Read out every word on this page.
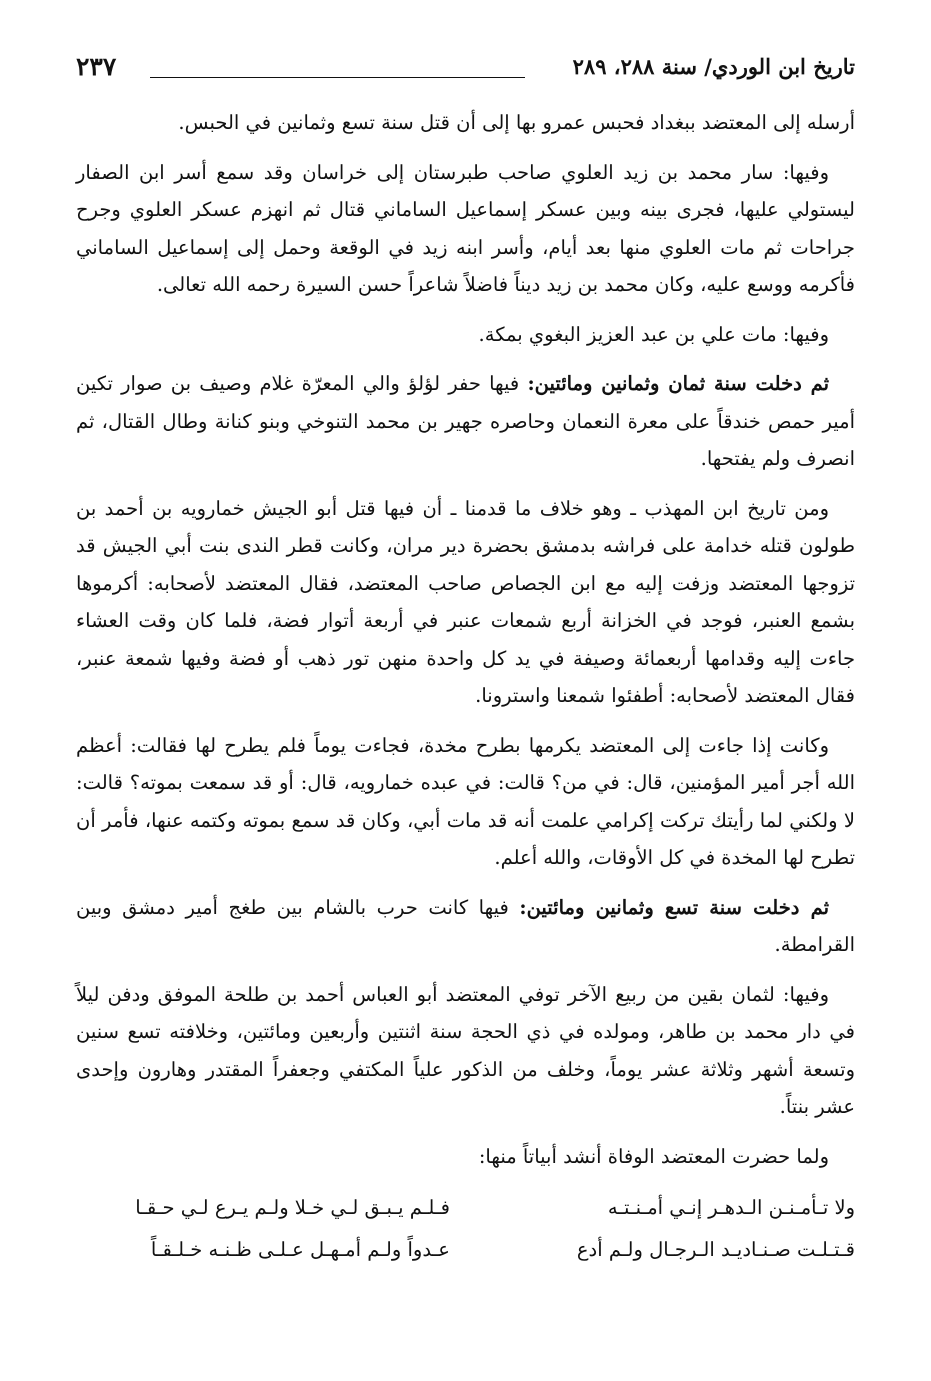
تاريخ ابن الوردي/ سنة ٢٨٨، ٢٨٩
٢٣٧

أرسله إلى المعتضد ببغداد فحبس عمرو بها إلى أن قتل سنة تسع وثمانين في الحبس.

وفيها: سار محمد بن زيد العلوي صاحب طبرستان إلى خراسان وقد سمع أسر ابن الصفار ليستولي عليها، فجرى بينه وبين عسكر إسماعيل الساماني قتال ثم انهزم عسكر العلوي وجرح جراحات ثم مات العلوي منها بعد أيام، وأسر ابنه زيد في الوقعة وحمل إلى إسماعيل الساماني فأكرمه ووسع عليه، وكان محمد بن زيد ديناً فاضلاً شاعراً حسن السيرة رحمه الله تعالى.

وفيها: مات علي بن عبد العزيز البغوي بمكة.

ثم دخلت سنة ثمان وثمانين ومائتين: فيها حفر لؤلؤ والي المعرّة غلام وصيف بن صوار تكين أمير حمص خندقاً على معرة النعمان وحاصره جهير بن محمد التنوخي وبنو كنانة وطال القتال، ثم انصرف ولم يفتحها.

ومن تاريخ ابن المهذب ـ وهو خلاف ما قدمنا ـ أن فيها قتل أبو الجيش خمارويه بن أحمد بن طولون قتله خدامة على فراشه بدمشق بحضرة دير مران، وكانت قطر الندى بنت أبي الجيش قد تزوجها المعتضد وزفت إليه مع ابن الجصاص صاحب المعتضد، فقال المعتضد لأصحابه: أكرموها بشمع العنبر، فوجد في الخزانة أربع شمعات عنبر في أربعة أتوار فضة، فلما كان وقت العشاء جاءت إليه وقدامها أربعمائة وصيفة في يد كل واحدة منهن تور ذهب أو فضة وفيها شمعة عنبر، فقال المعتضد لأصحابه: أطفئوا شمعنا واسترونا.

وكانت إذا جاءت إلى المعتضد يكرمها بطرح مخدة، فجاءت يوماً فلم يطرح لها فقالت: أعظم الله أجر أمير المؤمنين، قال: في من؟ قالت: في عبده خمارويه، قال: أو قد سمعت بموته؟ قالت: لا ولكني لما رأيتك تركت إكرامي علمت أنه قد مات أبي، وكان قد سمع بموته وكتمه عنها، فأمر أن تطرح لها المخدة في كل الأوقات، والله أعلم.

ثم دخلت سنة تسع وثمانين ومائتين: فيها كانت حرب بالشام بين طغج أمير دمشق وبين القرامطة.

وفيها: لثمان بقين من ربيع الآخر توفي المعتضد أبو العباس أحمد بن طلحة الموفق ودفن ليلاً في دار محمد بن طاهر، ومولده في ذي الحجة سنة اثنتين وأربعين ومائتين، وخلافته تسع سنين وتسعة أشهر وثلاثة عشر يوماً، وخلف من الذكور علياً المكتفي وجعفراً المقتدر وهارون وإحدى عشر بنتاً.

ولما حضرت المعتضد الوفاة أنشد أبياتاً منها:

ولا تـأمـنـن الـدهـر إنـي أمـنـتـه
فـلـم يـبـق لـي خـلا ولـم يـرع لـي حـقـا
قـتـلـت صـنـاديـد الـرجـال ولـم أدع
عـدواً ولـم أمـهـل عـلـى ظـنـه خـلـقـاً
